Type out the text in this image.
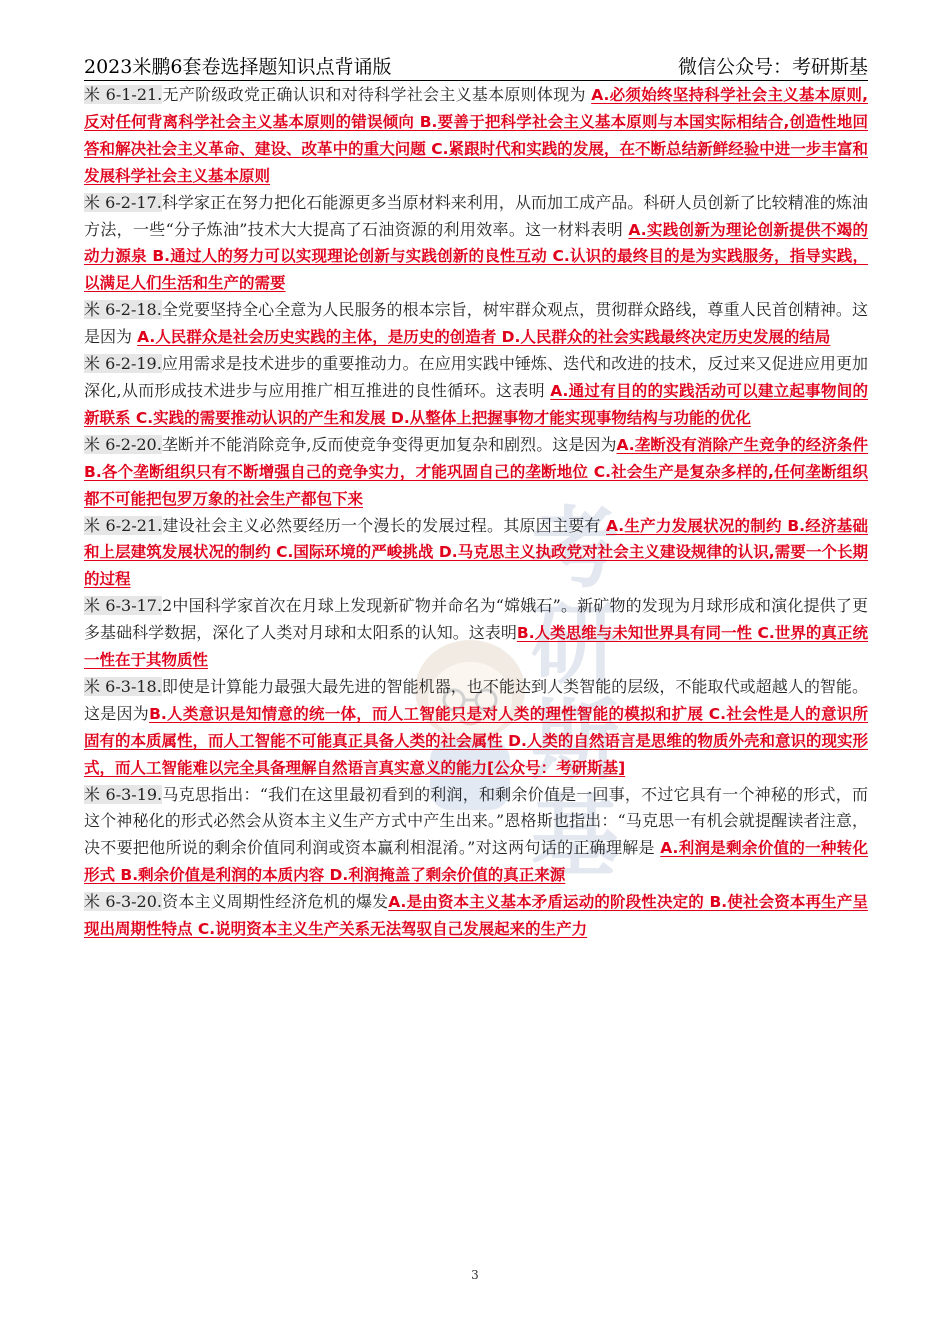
2023米鹏6套卷选择题知识点背诵版	微信公众号：考研斯基
考
研
斯
基

米 6-1-21.无产阶级政党正确认识和对待科学社会主义基本原则体现为 A.必须始终坚持科学社会主义基本原则,反对任何背离科学社会主义基本原则的错误倾向 B.要善于把科学社会主义基本原则与本国实际相结合,创造性地回答和解决社会主义革命、建设、改革中的重大问题 C.紧跟时代和实践的发展，在不断总结新鲜经验中进一步丰富和发展科学社会主义基本原则

米 6-2-17.科学家正在努力把化石能源更多当原材料来利用，从而加工成产品。科研人员创新了比较精准的炼油方法，一些“分子炼油”技术大大提高了石油资源的利用效率。这一材料表明 A.实践创新为理论创新提供不竭的动力源泉 B.通过人的努力可以实现理论创新与实践创新的良性互动 C.认识的最终目的是为实践服务，指导实践，以满足人们生活和生产的需要

米 6-2-18.全党要坚持全心全意为人民服务的根本宗旨，树牢群众观点，贯彻群众路线，尊重人民首创精神。这是因为 A.人民群众是社会历史实践的主体，是历史的创造者 D.人民群众的社会实践最终决定历史发展的结局

米 6-2-19.应用需求是技术进步的重要推动力。在应用实践中锤炼、迭代和改进的技术，反过来又促进应用更加深化,从而形成技术进步与应用推广相互推进的良性循环。这表明 A.通过有目的的实践活动可以建立起事物间的新联系 C.实践的需要推动认识的产生和发展 D.从整体上把握事物才能实现事物结构与功能的优化

米 6-2-20.垄断并不能消除竞争,反而使竞争变得更加复杂和剧烈。这是因为A.垄断没有消除产生竞争的经济条件 B.各个垄断组织只有不断增强自己的竞争实力，才能巩固自己的垄断地位 C.社会生产是复杂多样的,任何垄断组织都不可能把包罗万象的社会生产都包下来

米 6-2-21.建设社会主义必然要经历一个漫长的发展过程。其原因主要有 A.生产力发展状况的制约 B.经济基础和上层建筑发展状况的制约 C.国际环境的严峻挑战 D.马克思主义执政党对社会主义建设规律的认识,需要一个长期的过程

米 6-3-17.2中国科学家首次在月球上发现新矿物并命名为“嫦娥石”。新矿物的发现为月球形成和演化提供了更多基础科学数据，深化了人类对月球和太阳系的认知。这表明B.人类思维与未知世界具有同一性 C.世界的真正统一性在于其物质性

米 6-3-18.即使是计算能力最强大最先进的智能机器，也不能达到人类智能的层级，不能取代或超越人的智能。这是因为B.人类意识是知情意的统一体，而人工智能只是对人类的理性智能的模拟和扩展 C.社会性是人的意识所固有的本质属性，而人工智能不可能真正具备人类的社会属性 D.人类的自然语言是思维的物质外壳和意识的现实形式，而人工智能难以完全具备理解自然语言真实意义的能力[公众号：考研斯基]

米 6-3-19.马克思指出：“我们在这里最初看到的利润，和剩余价值是一回事，不过它具有一个神秘的形式，而这个神秘化的形式必然会从资本主义生产方式中产生出来。”恩格斯也指出：“马克思一有机会就提醒读者注意，决不要把他所说的剩余价值同利润或资本赢利相混淆。”对这两句话的正确理解是 A.利润是剩余价值的一种转化形式 B.剩余价值是利润的本质内容 D.利润掩盖了剩余价值的真正来源

米 6-3-20.资本主义周期性经济危机的爆发A.是由资本主义基本矛盾运动的阶段性决定的 B.使社会资本再生产呈现出周期性特点 C.说明资本主义生产关系无法驾驭自己发展起来的生产力

3
